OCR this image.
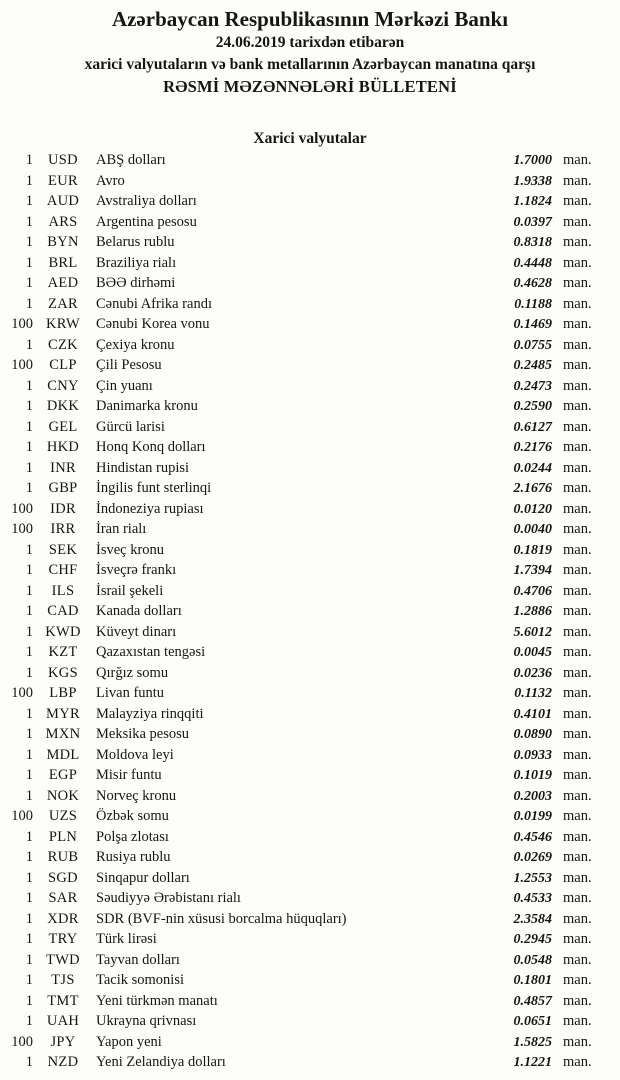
Azərbaycan Respublikasının Mərkəzi Bankı
24.06.2019 tarixdən etibarən
xarici valyutaların və bank metallarının Azərbaycan manatına qarşı
RƏSMİ MƏZƏNNƏLƏRİ BÜLLETENİ
Xarici valyutalar
1	USD	ABŞ dolları	1.7000 man.
1	EUR	Avro	1.9338 man.
1 AUD	Avstraliya dolları	1.1824 man.
1	ARS	Argentina pesosu	0.0397 man.
1 BYN	Belarus rublu	0.8318 man.
1	BRL	Braziliya rialı	0.4448 man.
1	AED	BƏƏ dirhəmi	0.4628 man.
1	ZAR	Cənubi Afrika randı	0.1188 man.
100 KRW	Cənubi Korea vonu	0.1469 man.
1	CZK	Çexiya kronu	0.0755 man.
100	CLP	Çili Pesosu	0.2485 man.
1 CNY	Çin yuanı	0.2473 man.
1 DKK	Danimarka kronu	0.2590 man.
1	GEL	Gürcü larisi	0.6127 man.
1 HKD	Honq Konq dolları	0.2176 man.
1	INR	Hindistan rupisi	0.0244 man.
1	GBP	İngilis funt sterlinqi	2.1676 man.
100	IDR	İndoneziya rupiası	0.0120 man.
100	IRR	İran rialı	0.0040 man.
1	SEK	İsveç kronu	0.1819 man.
1	CHF	İsveçrə frankı	1.7394 man.
1	ILS	İsrail şekeli	0.4706 man.
1 CAD	Kanada dolları	1.2886 man.
1 KWD	Küveyt dinarı	5.6012 man.
1	KZT	Qazaxıstan tengəsi	0.0045 man.
1	KGS	Qırğız somu	0.0236 man.
100	LBP	Livan funtu	0.1132 man.
1 MYR	Malayziya rinqqiti	0.4101 man.
1 MXN	Meksika pesosu	0.0890 man.
1 MDL	Moldova leyi	0.0933 man.
1	EGP	Misir funtu	0.1019 man.
1 NOK	Norveç kronu	0.2003 man.
100	UZS	Özbək somu	0.0199 man.
1	PLN	Polşa zlotası	0.4546 man.
1	RUB	Rusiya rublu	0.0269 man.
1	SGD	Sinqapur dolları	1.2553 man.
1	SAR	Səudiyyə Ərəbistanı rialı	0.4533 man.
1 XDR	SDR (BVF-nin xüsusi borcalma hüquqları)	2.3584 man.
1	TRY	Türk lirəsi	0.2945 man.
1 TWD	Tayvan dolları	0.0548 man.
1	TJS	Tacik somonisi	0.1801 man.
1 TMT	Yeni türkmən manatı	0.4857 man.
1 UAH	Ukrayna qrivnası	0.0651 man.
100	JPY	Yapon yeni	1.5825 man.
1	NZD	Yeni Zelandiya dolları	1.1221 man.
